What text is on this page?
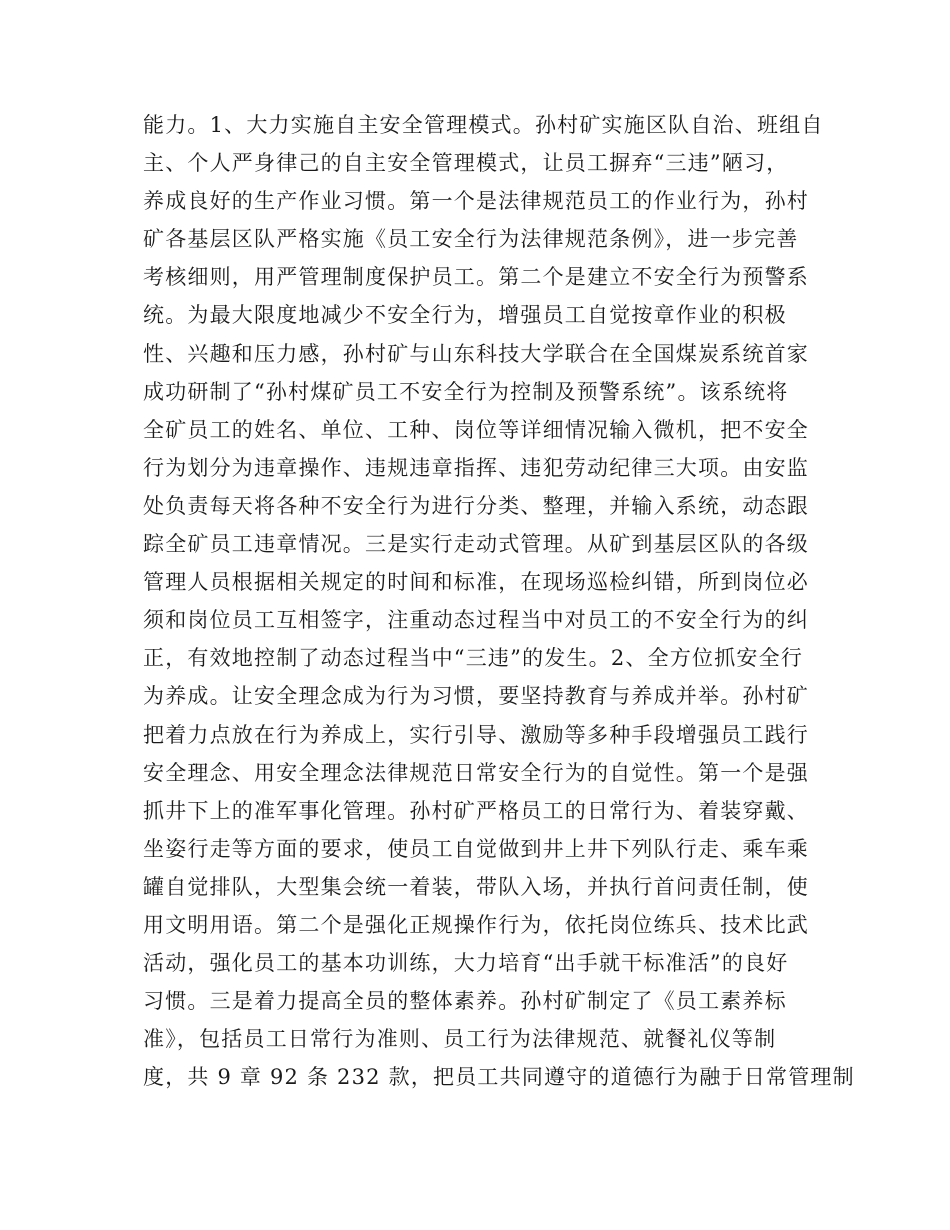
能力。1、大力实施自主安全管理模式。孙村矿实施区队自治、班组自
主、个人严身律己的自主安全管理模式，让员工摒弃“三违”陋习，
养成良好的生产作业习惯。第一个是法律规范员工的作业行为，孙村
矿各基层区队严格实施《员工安全行为法律规范条例》，进一步完善
考核细则，用严管理制度保护员工。第二个是建立不安全行为预警系
统。为最大限度地减少不安全行为，增强员工自觉按章作业的积极
性、兴趣和压力感，孙村矿与山东科技大学联合在全国煤炭系统首家
成功研制了“孙村煤矿员工不安全行为控制及预警系统”。该系统将
全矿员工的姓名、单位、工种、岗位等详细情况输入微机，把不安全
行为划分为违章操作、违规违章指挥、违犯劳动纪律三大项。由安监
处负责每天将各种不安全行为进行分类、整理，并输入系统，动态跟
踪全矿员工违章情况。三是实行走动式管理。从矿到基层区队的各级
管理人员根据相关规定的时间和标准，在现场巡检纠错，所到岗位必
须和岗位员工互相签字，注重动态过程当中对员工的不安全行为的纠
正，有效地控制了动态过程当中“三违”的发生。2、全方位抓安全行
为养成。让安全理念成为行为习惯，要坚持教育与养成并举。孙村矿
把着力点放在行为养成上，实行引导、激励等多种手段增强员工践行
安全理念、用安全理念法律规范日常安全行为的自觉性。第一个是强
抓井下上的准军事化管理。孙村矿严格员工的日常行为、着装穿戴、
坐姿行走等方面的要求，使员工自觉做到井上井下列队行走、乘车乘
罐自觉排队，大型集会统一着装，带队入场，并执行首问责任制，使
用文明用语。第二个是强化正规操作行为，依托岗位练兵、技术比武
活动，强化员工的基本功训练，大力培育“出手就干标准活”的良好
习惯。三是着力提高全员的整体素养。孙村矿制定了《员工素养标
准》，包括员工日常行为准则、员工行为法律规范、就餐礼仪等制
度，共 9 章 92 条 232 款，把员工共同遵守的道德行为融于日常管理制
